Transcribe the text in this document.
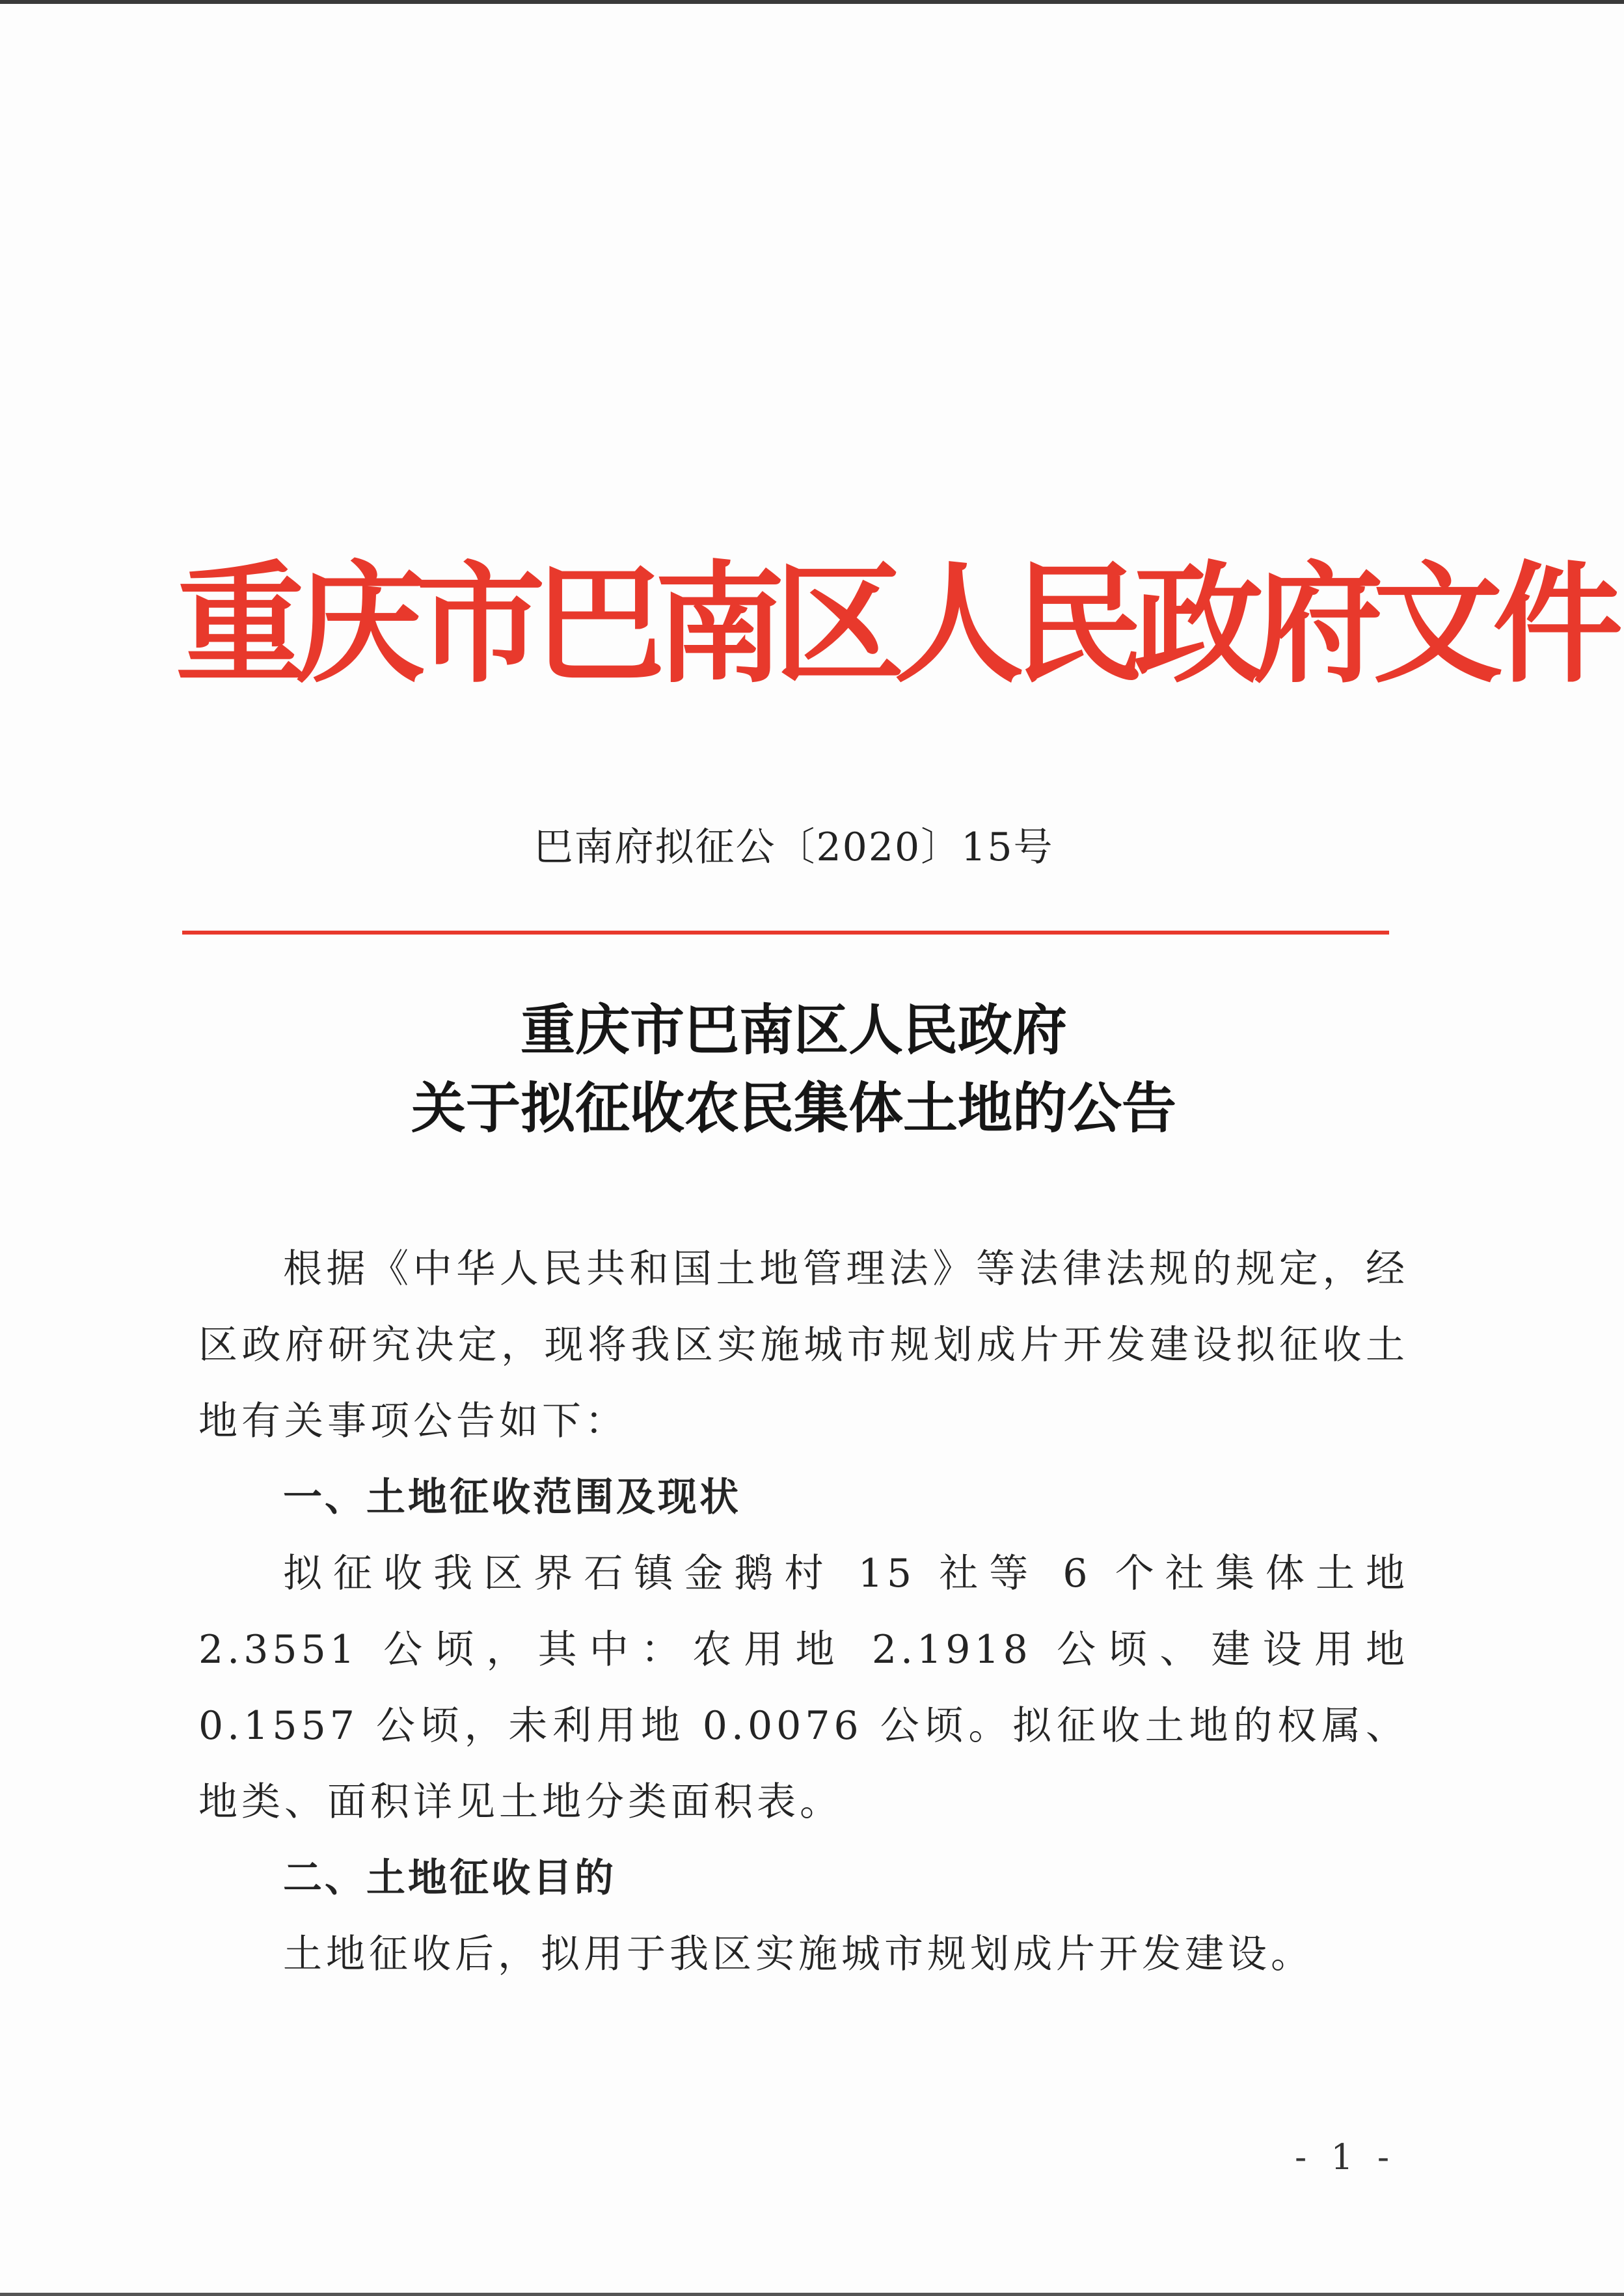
重庆市巴南区人民政府文件
巴南府拟征公〔2020〕15号
重庆市巴南区人民政府
关于拟征收农民集体土地的公告

根据《中华人民共和国土地管理法》等法律法规的规定，经区政府研究决定，现将我区实施城市规划成片开发建设拟征收土地有关事项公告如下：

一、土地征收范围及现状

拟征收我区界石镇金鹅村 15 社等 6 个社集体土地 2.3551 公顷，其中：农用地 2.1918 公顷、建设用地 0.1557 公顷，未利用地 0.0076 公顷。拟征收土地的权属、地类、面积详见土地分类面积表。

二、土地征收目的

土地征收后，拟用于我区实施城市规划成片开发建设。

- 1 -
